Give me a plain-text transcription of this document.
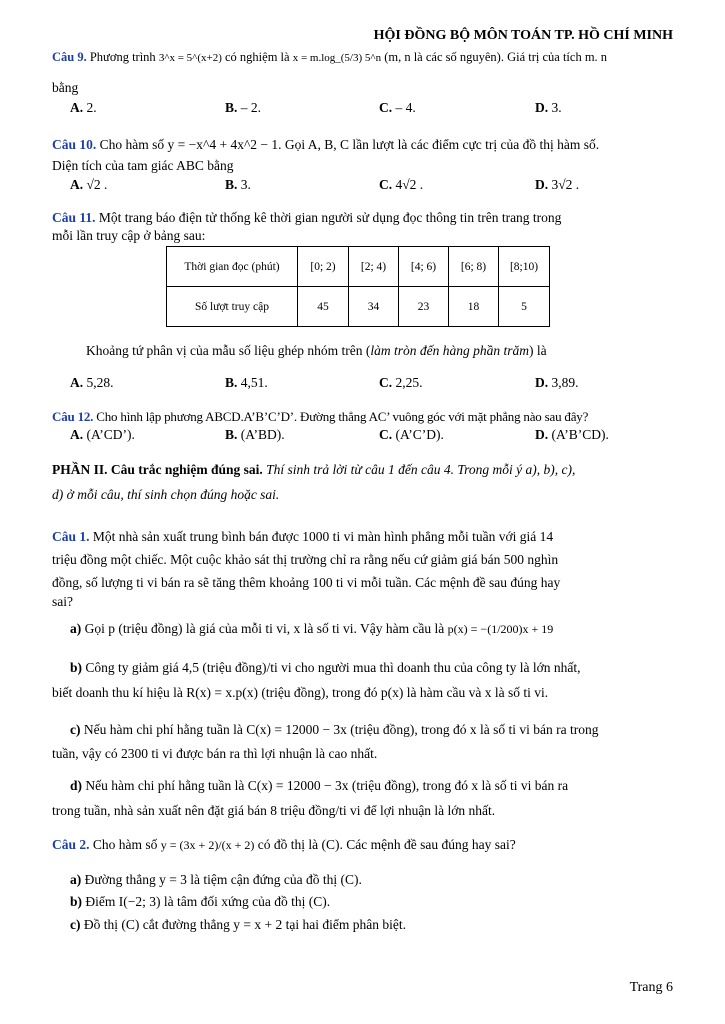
HỘI ĐỒNG BỘ MÔN TOÁN TP. HỒ CHÍ MINH
Câu 9. Phương trình 3^x = 5^(x+2) có nghiệm là x = m.log_(5/3) 5^n (m, n là các số nguyên). Giá trị của tích m. n
bằng
A. 2.	B. – 2.	C. – 4.	D. 3.
Câu 10. Cho hàm số y = −x^4 + 4x^2 − 1. Gọi A, B, C lần lượt là các điểm cực trị của đồ thị hàm số.
Diện tích của tam giác ABC bằng
A. √2 .	B. 3.	C. 4√2 .	D. 3√2 .
Câu 11. Một trang báo điện tử thống kê thời gian người sử dụng đọc thông tin trên trang trong
mỗi lần truy cập ở bảng sau:
Thời gian đọc (phút)	[0; 2)	[2; 4)	[4; 6)	[6; 8)	[8;10)
Số lượt truy cập	45	34	23	18	5
Khoảng tứ phân vị của mẫu số liệu ghép nhóm trên (làm tròn đến hàng phần trăm) là
A. 5,28.	B. 4,51.	C. 2,25.	D. 3,89.
Câu 12. Cho hình lập phương ABCD.A’B’C’D’. Đường thẳng AC’ vuông góc với mặt phẳng nào sau đây?
A. (A’CD’).	B. (A’BD).	C. (A’C’D).	D. (A’B’CD).
PHẦN II. Câu trắc nghiệm đúng sai. Thí sinh trả lời từ câu 1 đến câu 4. Trong mỗi ý a), b), c),
d) ở mỗi câu, thí sinh chọn đúng hoặc sai.
Câu 1. Một nhà sản xuất trung bình bán được 1000 ti vi màn hình phẳng mỗi tuần với giá 14
triệu đồng một chiếc. Một cuộc khảo sát thị trường chỉ ra rằng nếu cứ giảm giá bán 500 nghìn
đồng, số lượng ti vi bán ra sẽ tăng thêm khoảng 100 ti vi mỗi tuần. Các mệnh đề sau đúng hay
sai?
a) Gọi p (triệu đồng) là giá của mỗi ti vi, x là số ti vi. Vậy hàm cầu là p(x) = −(1/200)x + 19
b) Công ty giảm giá 4,5 (triệu đồng)/ti vi cho người mua thì doanh thu của công ty là lớn nhất,
biết doanh thu kí hiệu là R(x) = x.p(x) (triệu đồng), trong đó p(x) là hàm cầu và x là số ti vi.
c) Nếu hàm chi phí hằng tuần là C(x) = 12000 − 3x (triệu đồng), trong đó x là số ti vi bán ra trong
tuần, vậy có 2300 ti vi được bán ra thì lợi nhuận là cao nhất.
d) Nếu hàm chi phí hằng tuần là C(x) = 12000 − 3x (triệu đồng), trong đó x là số ti vi bán ra
trong tuần, nhà sản xuất nên đặt giá bán 8 triệu đồng/ti vi để lợi nhuận là lớn nhất.
Câu 2. Cho hàm số y = (3x + 2)/(x + 2) có đồ thị là (C). Các mệnh đề sau đúng hay sai?
a) Đường thẳng y = 3 là tiệm cận đứng của đồ thị (C).
b) Điểm I(−2; 3) là tâm đối xứng của đồ thị (C).
c) Đồ thị (C) cắt đường thẳng y = x + 2 tại hai điểm phân biệt.
Trang 6
